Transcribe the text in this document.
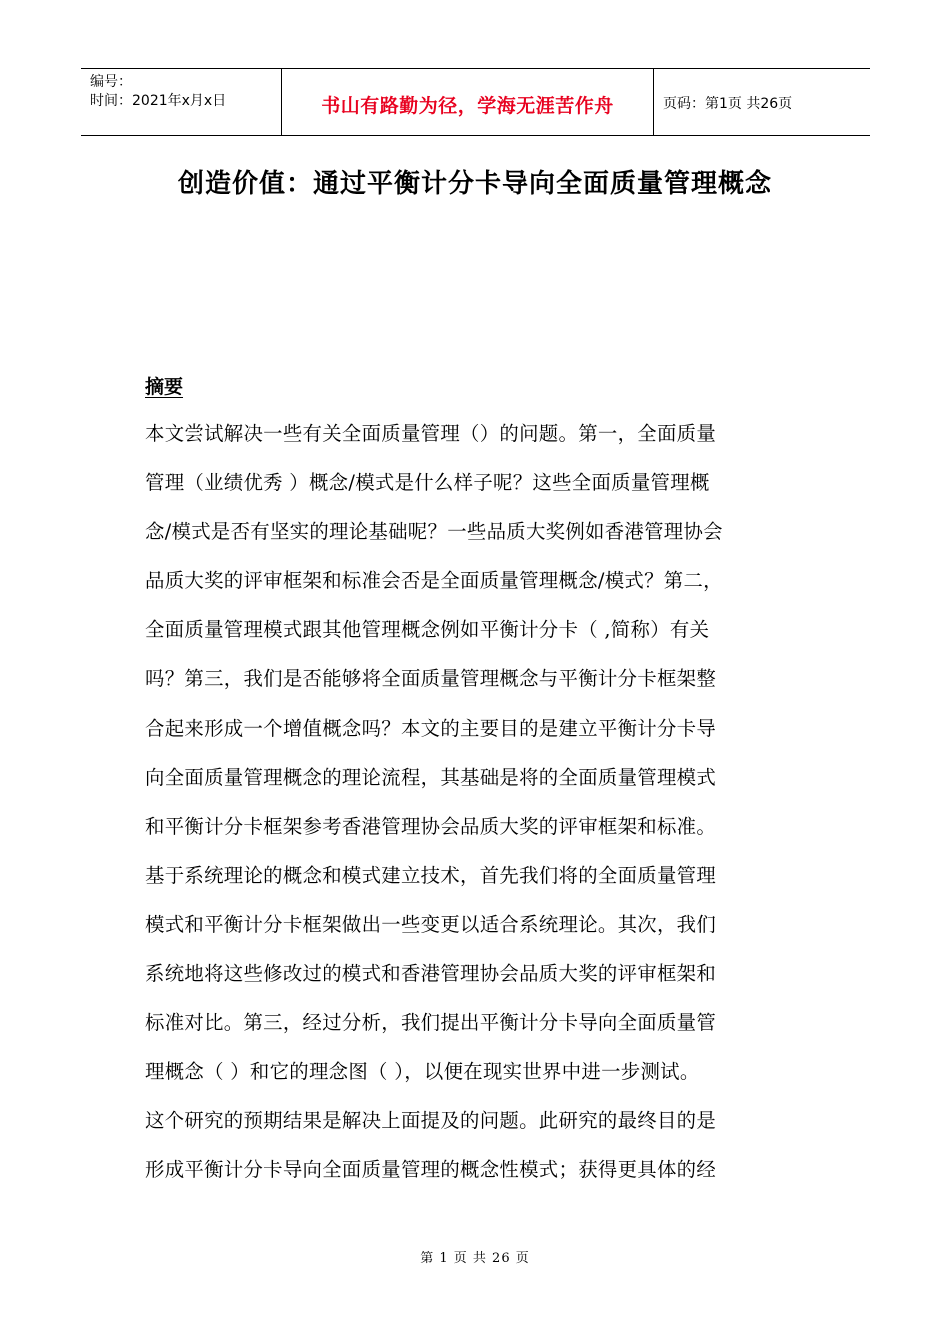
编号：
时间：2021年x月x日	书山有路勤为径，学海无涯苦作舟	页码：第1页 共26页
创造价值：通过平衡计分卡导向全面质量管理概念
摘要
本文尝试解决一些有关全面质量管理（）的问题。第一，全面质量
管理（业绩优秀 ）概念/模式是什么样子呢？这些全面质量管理概
念/模式是否有坚实的理论基础呢？一些品质大奖例如香港管理协会
品质大奖的评审框架和标准会否是全面质量管理概念/模式？第二，
全面质量管理模式跟其他管理概念例如平衡计分卡（ ,简称）有关
吗？第三，我们是否能够将全面质量管理概念与平衡计分卡框架整
合起来形成一个增值概念吗？本文的主要目的是建立平衡计分卡导
向全面质量管理概念的理论流程，其基础是将的全面质量管理模式
和平衡计分卡框架参考香港管理协会品质大奖的评审框架和标准。
基于系统理论的概念和模式建立技术，首先我们将的全面质量管理
模式和平衡计分卡框架做出一些变更以适合系统理论。其次，我们
系统地将这些修改过的模式和香港管理协会品质大奖的评审框架和
标准对比。第三，经过分析，我们提出平衡计分卡导向全面质量管
理概念（ ）和它的理念图（ ），以便在现实世界中进一步测试。
这个研究的预期结果是解决上面提及的问题。此研究的最终目的是
形成平衡计分卡导向全面质量管理的概念性模式；获得更具体的经
第 1 页 共 26 页
